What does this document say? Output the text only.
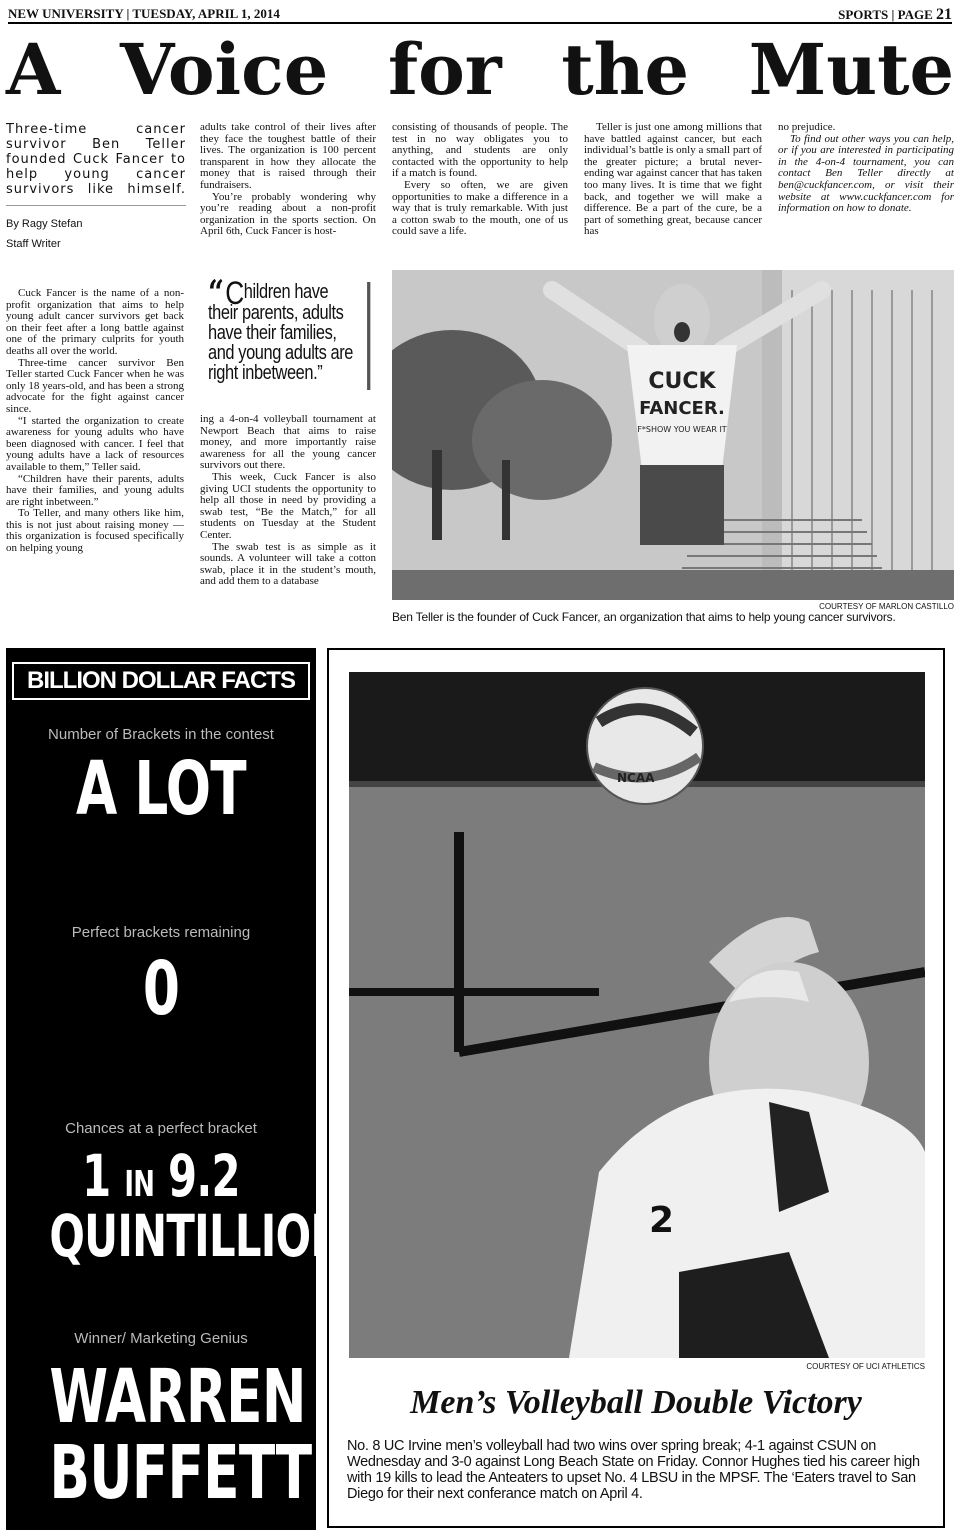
NEW UNIVERSITY | TUESDAY, APRIL 1, 2014	SPORTS | PAGE 21
A Voice for the Mute
Three-time cancer survivor Ben Teller founded Cuck Fancer to help young cancer survivors like himself.
By Ragy Stefan
Staff Writer

Cuck Fancer is the name of a non-profit organization that aims to help young adult cancer survivors get back on their feet after a long battle against one of the primary culprits for youth deaths all over the world.

Three-time cancer survivor Ben Teller started Cuck Fancer when he was only 18 years-old, and has been a strong advocate for the fight against cancer since.

“I started the organization to create awareness for young adults who have been diagnosed with cancer. I feel that young adults have a lack of resources available to them,” Teller said.

“Children have their parents, adults have their families, and young adults are right inbetween.”

To Teller, and many others like him, this is not just about raising money — this organization is focused specifically on helping young

adults take control of their lives after they face the toughest battle of their lives. The organization is 100 percent transparent in how they allocate the money that is raised through their fundraisers.

You’re probably wondering why you’re reading about a non-profit organization in the sports section. On April 6th, Cuck Fancer is host-

“Children have their parents, adults have their families, and young adults are right inbetween.”

ing a 4-on-4 volleyball tournament at Newport Beach that aims to raise money, and more importantly raise awareness for all the young cancer survivors out there.

This week, Cuck Fancer is also giving UCI students the opportunity to help all those in need by providing a swab test, “Be the Match,” for all students on Tuesday at the Student Center.

The swab test is as simple as it sounds. A volunteer will take a cotton swab, place it in the student’s mouth, and add them to a database

consisting of thousands of people. The test in no way obligates you to anything, and students are only contacted with the opportunity to help if a match is found.

Every so often, we are given opportunities to make a difference in a way that is truly remarkable. With just a cotton swab to the mouth, one of us could save a life.

Teller is just one among millions that have battled against cancer, but each individual’s battle is only a small part of the greater picture; a brutal never-ending war against cancer that has taken too many lives. It is time that we fight back, and together we will make a difference. Be a part of the cure, be a part of something great, because cancer has

no prejudice.

To find out other ways you can help, or if you are interested in participating in the 4-on-4 tournament, you can contact Ben Teller directly at ben@cuckfancer.com, or visit their website at www.cuckfancer.com for information on how to donate.

CUCK
FANCER.
F*SHOW YOU WEAR IT
COURTESY OF MARLON CASTILLO
Ben Teller is the founder of Cuck Fancer, an organization that aims to help young cancer survivors.
BILLION DOLLAR FACTS
Number of Brackets in the contest
A LOT
Perfect brackets remaining
0
Chances at a perfect bracket
1 IN 9.2
QUINTILLION
Winner/ Marketing Genius
WARREN
BUFFETT
NCAA
2
COURTESY OF UCI ATHLETICS
Men’s Volleyball Double Victory
No. 8 UC Irvine men’s volleyball had two wins over spring break; 4-1 against CSUN on Wednesday and 3-0 against Long Beach State on Friday. Connor Hughes tied his career high with 19 kills to lead the Anteaters to upset No. 4 LBSU in the MPSF. The ‘Eaters travel to San Diego for their next conferance match on April 4.
